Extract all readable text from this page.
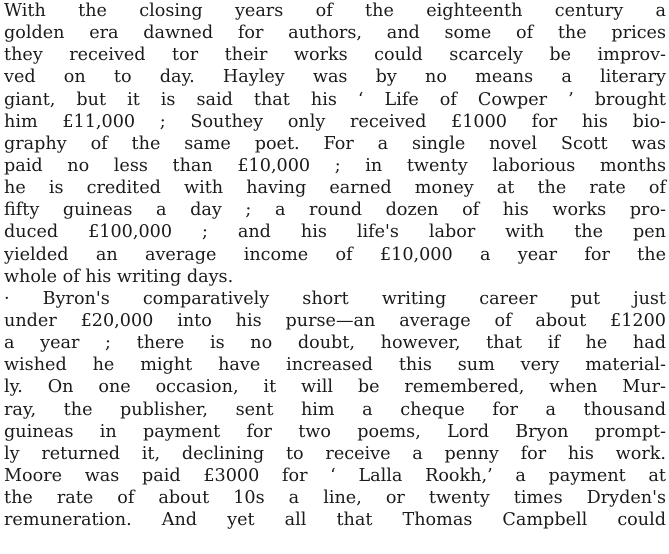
With the closing years of the eighteenth century a
golden era dawned for authors, and some of the prices
they received tor their works could scarcely be improv-
ved on to day. Hayley was by no means a literary
giant, but it is said that his ‘ Life of Cowper ’ brought
him £11,000 ; Southey only received £1000 for his bio-
graphy of the same poet. For a single novel Scott was
paid no less than £10,000 ; in twenty laborious months
he is credited with having earned money at the rate of
fifty guineas a day ; a round dozen of his works pro-
duced £100,000 ; and his life's labor with the pen
yielded an average income of £10,000 a year for the
whole of his writing days.
· Byron's comparatively short writing career put just
under £20,000 into his purse—an average of about £1200
a year ; there is no doubt, however, that if he had
wished he might have increased this sum very material-
ly. On one occasion, it will be remembered, when Mur-
ray, the publisher, sent him a cheque for a thousand
guineas in payment for two poems, Lord Bryon prompt-
ly returned it, declining to receive a penny for his work.
Moore was paid £3000 for ‘ Lalla Rookh,’ a payment at
the rate of about 10s a line, or twenty times Dryden's
remuneration. And yet all that Thomas Campbell could
